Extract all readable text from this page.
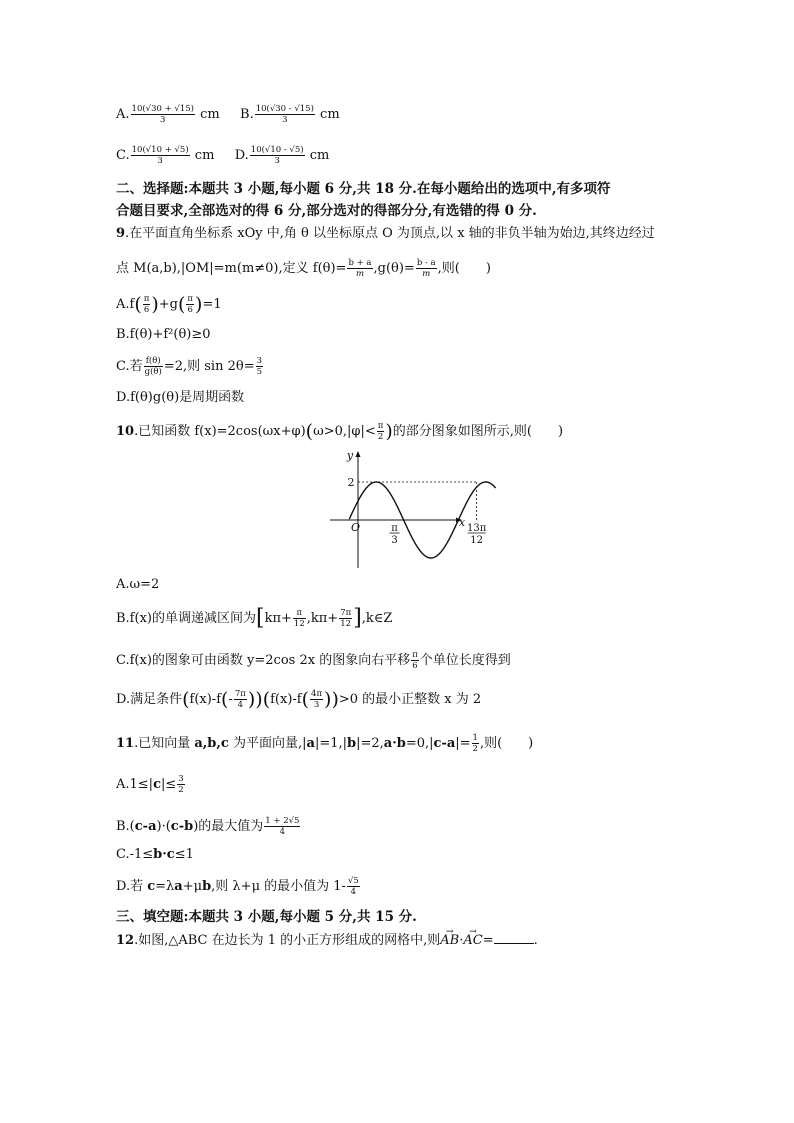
A. $\frac{10(√30 + √15)}{3}$ cm B. $\frac{10(√30 - √15)}{3}$ cm
C. $\frac{10(√10 + √5)}{3}$ cm D. $\frac{10(√10 - √5)}{3}$ cm
二、选择题:本题共 3 小题,每小题 6 分,共 18 分.在每小题给出的选项中,有多项符
合题目要求,全部选对的得 6 分,部分选对的得部分分,有选错的得 0 分.
9.在平面直角坐标系 xOy 中,角 θ 以坐标原点 O 为顶点,以 x 轴的非负半轴为始边,其终边经过
点 M(a,b),|OM|=m(m≠0),定义 $f(\theta)= \frac{b + a}{m} ,g(\theta)= \frac{b - a}{m}$ ,则(　　)
$A.f( \frac{\pi}{6} )+g( \frac{\pi}{6} )=1$
B.f(θ)+f²(θ)≥0
C.若 $\frac{f(\theta)}{g(\theta)} =2$,则 $\sin 2\theta= \frac{3}{5}$
D.f(θ)g(θ)是周期函数
10.已知函数 $f(x)=2\cos(\omega x+\varphi)(\omega>0,|\varphi|< \frac{\pi}{2}$ )的部分图象如图所示,则(　　)
y
x
2
O	π
3
13π
12
A.ω=2
B.f(x)的单调递减区间为[$k\pi+ \frac{\pi}{12} ,k\pi+ \frac{7\pi}{12}$ ],k∈Z
C.f(x)的图象可由函数 y=2cos 2x 的图象向右平移 $\frac{\pi}{6}$ 个单位长度得到
D.满足条件$(f(x)-f(- \frac{7\pi}{4} ))(f(x)-f( \frac{4\pi}{3} ))>0$ 的最小正整数 x 为 2
11.已知向量 a,b,c 为平面向量$,|a|=1,|b|=2,a\cdot b=0,|c-a|= \frac{1}{2}$ ,则(　　)
$A.1\le|c|\le \frac{3}{2}$
B.(c-a)·(c-b)的最大值为 $\frac{1 + 2√5}{4}$
C.-1≤b·c≤1
D.若 c=λa+μb,则 λ+μ 的最小值为 $1- \frac{√5}{4}$
三、填空题:本题共 3 小题,每小题 5 分,共 15 分.
12.如图,△ABC 在边长为 1 的小正方形组成的网格中,则→ AB·→ AC=	.
